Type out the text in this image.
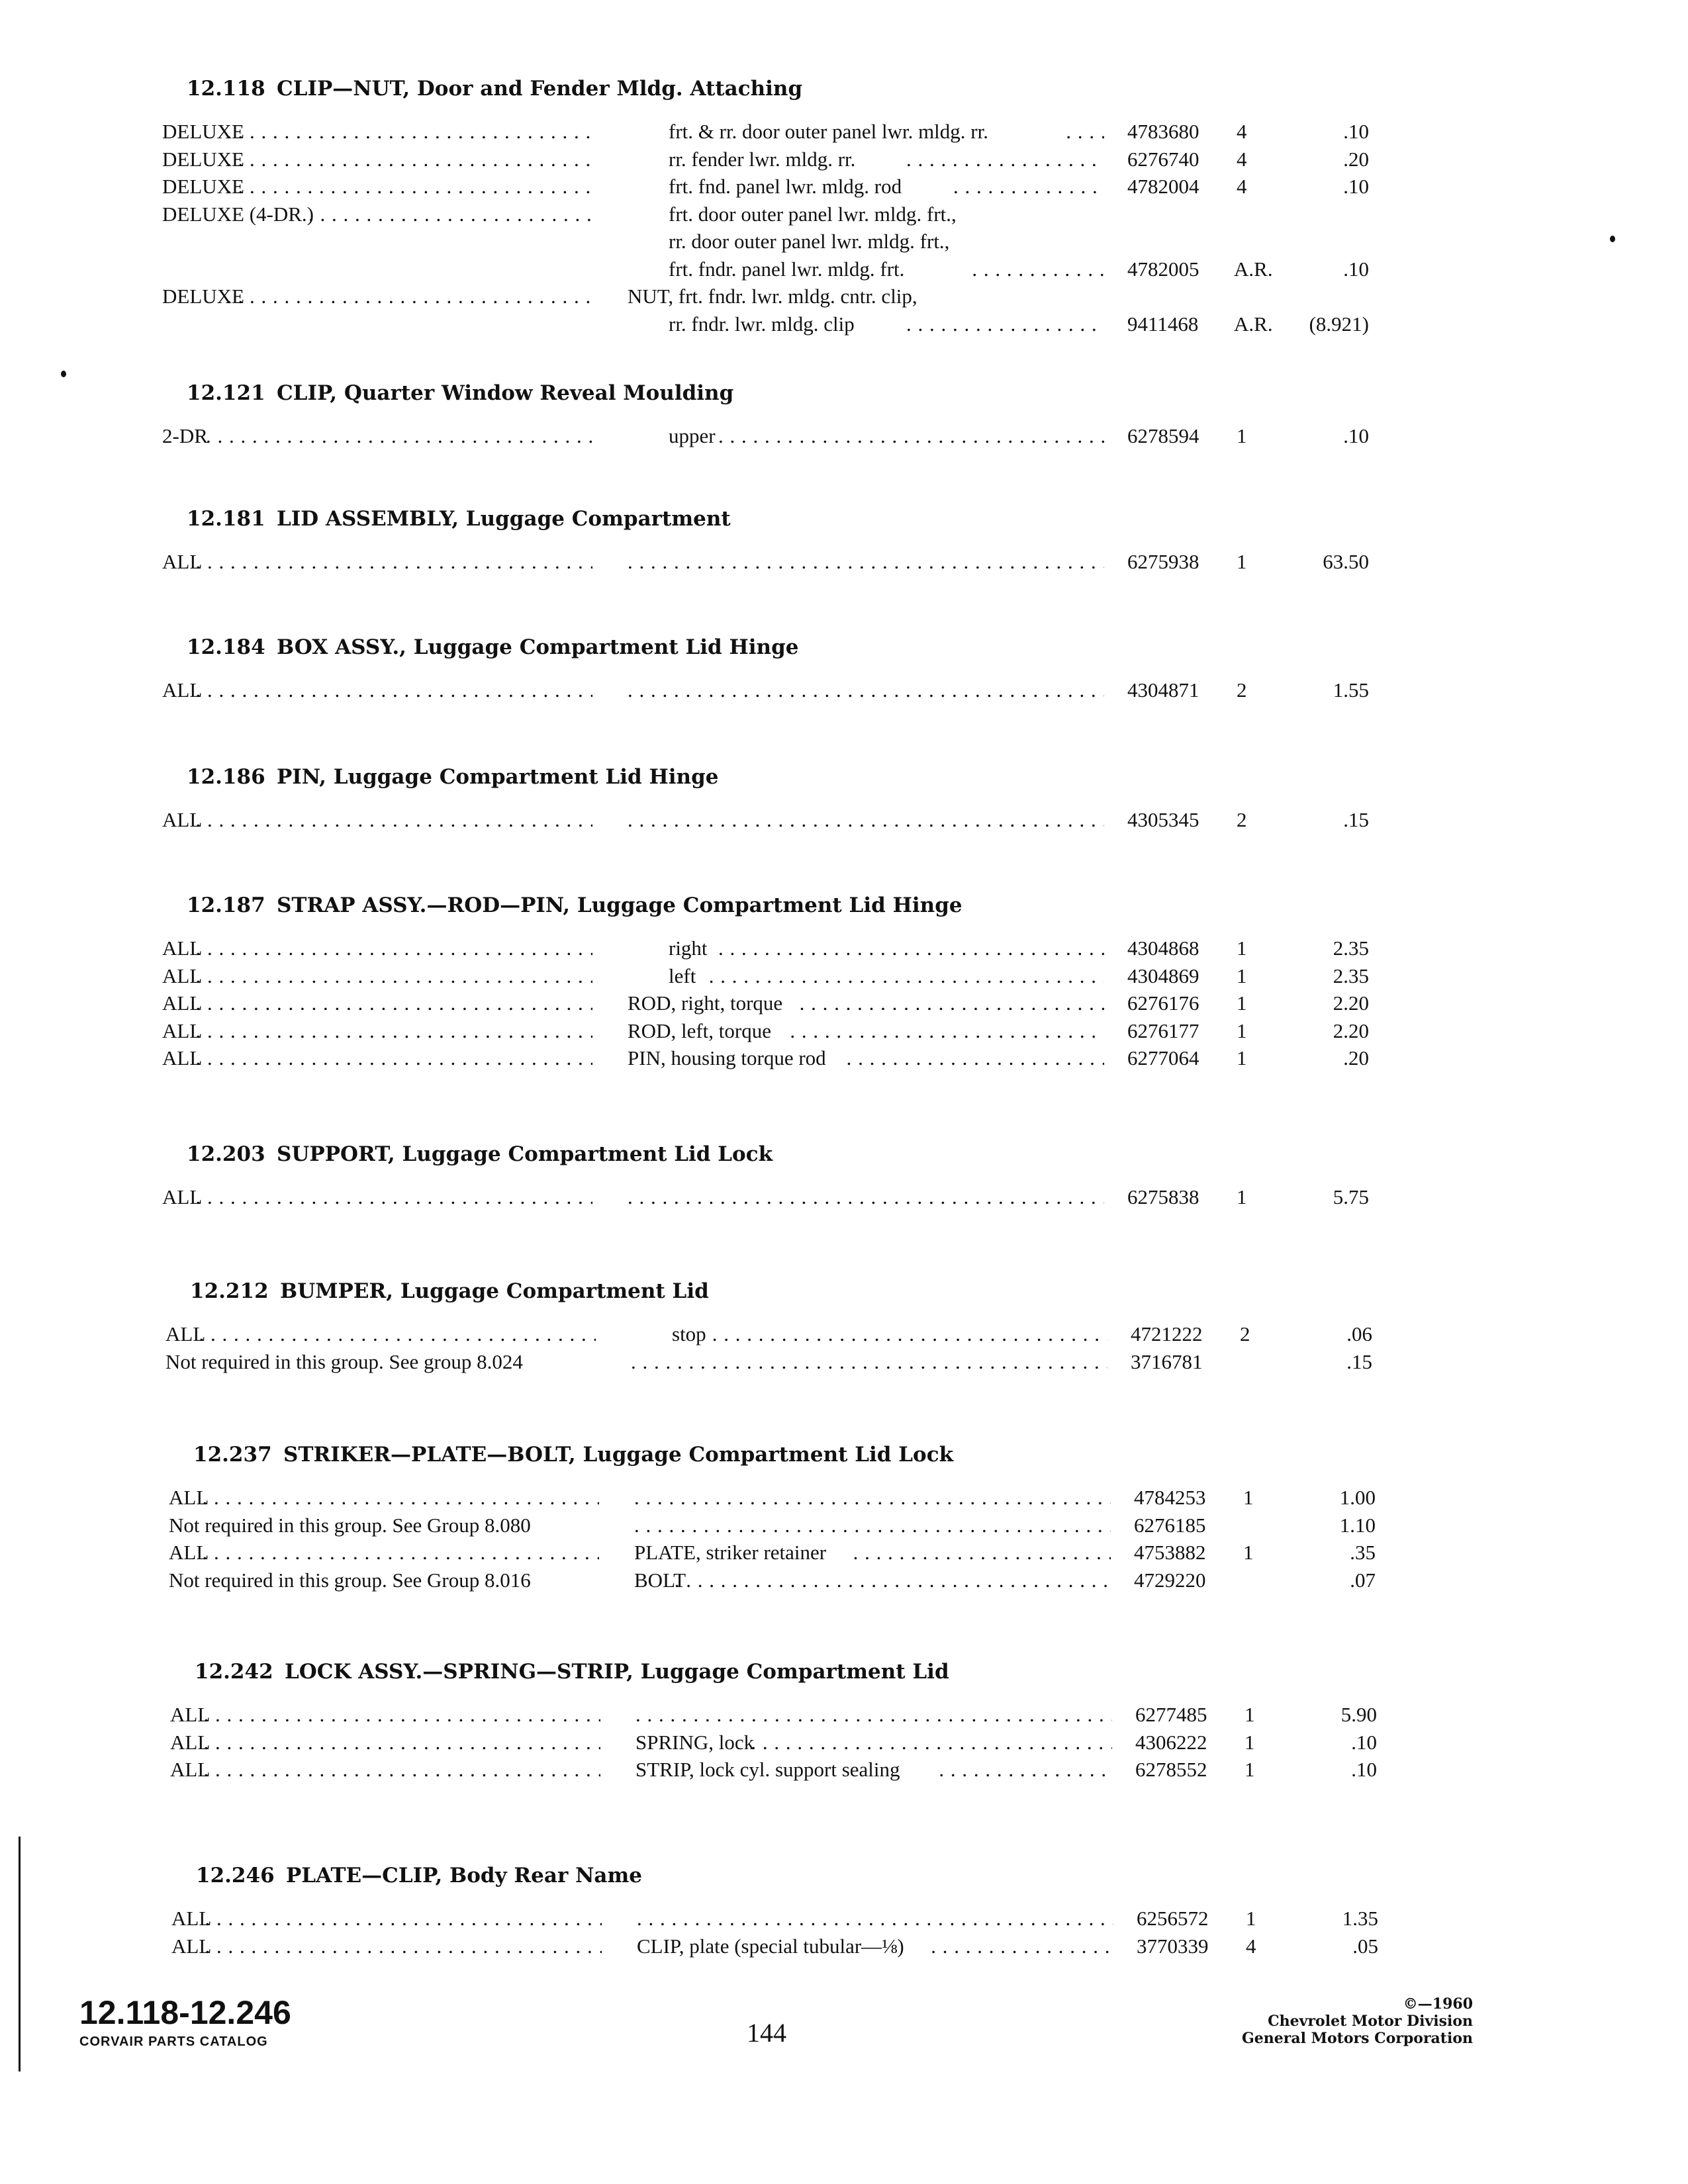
12.118 CLIP—NUT, Door and Fender Mldg. Attaching
DELUXE . . .	frt. & rr. door outer panel lwr. mldg. rr. . . .	4783680 4	.10
DELUXE . . .	rr. fender lwr. mldg. rr. . . .	6276740 4	.20
DELUXE . . .	frt. fnd. panel lwr. mldg. rod . . .	4782004 4	.10
DELUXE (4-DR.) . . .	frt. door outer panel lwr. mldg. frt.,
rr. door outer panel lwr. mldg. frt.,
frt. fndr. panel lwr. mldg. frt. . . .	4782005 A.R.	.10
DELUXE . . .	NUT, frt. fndr. lwr. mldg. cntr. clip,
rr. fndr. lwr. mldg. clip . . .	9411468 A.R.	(8.921)
12.121 CLIP, Quarter Window Reveal Moulding
2-DR . . .	upper . . .	6278594 1	.10
12.181 LID ASSEMBLY, Luggage Compartment
ALL . . . . . .	6275938 1	63.50
12.184 BOX ASSY., Luggage Compartment Lid Hinge
ALL . . . . . .	4304871 2	1.55
12.186 PIN, Luggage Compartment Lid Hinge
ALL . . . . . .	4305345 2	.15
12.187 STRAP ASSY.—ROD—PIN, Luggage Compartment Lid Hinge
ALL . . .	right . . .	4304868 1	2.35
ALL . . .	left . . .	4304869 1	2.35
ALL . . .	ROD, right, torque . . .	6276176 1	2.20
ALL . . .	ROD, left, torque . . .	6276177 1	2.20
ALL . . .	PIN, housing torque rod . . .	6277064 1	.20
12.203 SUPPORT, Luggage Compartment Lid Lock
ALL . . . . . .	6275838 1	5.75
12.212 BUMPER, Luggage Compartment Lid
ALL . . .	stop . . .	4721222 2	.06
Not required in this group. See group 8.024 . . .	3716781	.15
12.237 STRIKER—PLATE—BOLT, Luggage Compartment Lid Lock
ALL . . . . . .	4784253 1	1.00
Not required in this group. See Group 8.080 . . .	6276185	1.10
ALL . . .	PLATE, striker retainer . . .	4753882 1	.35
Not required in this group. See Group 8.016	BOLT . . .	4729220	.07
12.242 LOCK ASSY.—SPRING—STRIP, Luggage Compartment Lid
ALL . . . . . .	6277485 1	5.90
ALL . . .	SPRING, lock . . .	4306222 1	.10
ALL . . .	STRIP, lock cyl. support sealing . . .	6278552 1	.10
12.246 PLATE—CLIP, Body Rear Name
ALL . . . . . .	6256572 1	1.35
ALL . . .	CLIP, plate (special tubular—⅛) . . .	3770339 4	.05
12.118-12.246
CORVAIR PARTS CATALOG	144
©—1960
Chevrolet Motor Division
General Motors Corporation
